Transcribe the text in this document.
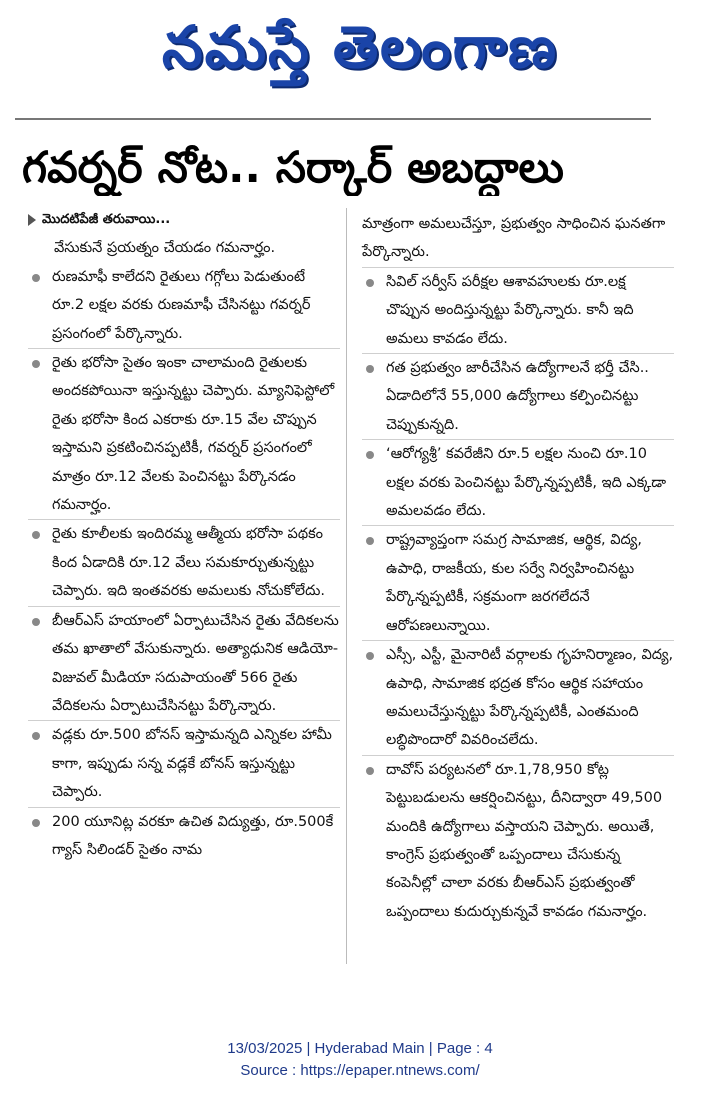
నమస్తే తెలంగాణ
గవర్నర్ నోట.. సర్కార్ అబద్ధాలు
మొదటిపేజీ తరువాయి...

వేసుకునే ప్రయత్నం చేయడం గమనార్హం.

రుణమాఫీ కాలేదని రైతులు గగ్గోలు పెడుతుంటే రూ.2 లక్షల వరకు రుణమాఫీ చేసినట్టు గవర్నర్ ప్రసంగంలో పేర్కొన్నారు.

రైతు భరోసా సైతం ఇంకా చాలామంది రైతులకు అందకపోయినా ఇస్తున్నట్టు చెప్పారు. మ్యానిఫెస్టోలో రైతు భరోసా కింద ఎకరాకు రూ.15 వేల చొప్పున ఇస్తామని ప్రకటించినప్పటికీ, గవర్నర్ ప్రసంగంలో మాత్రం రూ.12 వేలకు పెంచినట్టు పేర్కొనడం గమనార్హం.

రైతు కూలీలకు ఇందిరమ్మ ఆత్మీయ భరోసా పథకం కింద ఏడాదికి రూ.12 వేలు సమకూర్చుతున్నట్టు చెప్పారు. ఇది ఇంతవరకు అమలుకు నోచుకోలేదు.

బీఆర్ఎస్ హయాంలో ఏర్పాటుచేసిన రైతు వేదికలను తమ ఖాతాలో వేసుకున్నారు. అత్యాధునిక ఆడియో-విజువల్ మీడియా సదుపాయంతో 566 రైతు వేదికలను ఏర్పాటుచేసినట్టు పేర్కొన్నారు.

వడ్లకు రూ.500 బోనస్ ఇస్తామన్నది ఎన్నికల హామీ కాగా, ఇప్పుడు సన్న వడ్లకే బోనస్ ఇస్తున్నట్టు చెప్పారు.

200 యూనిట్ల వరకూ ఉచిత విద్యుత్తు, రూ.500కే గ్యాస్ సిలిండర్ సైతం నామ

మాత్రంగా అమలుచేస్తూ, ప్రభుత్వం సాధించిన ఘనతగా పేర్కొన్నారు.

సివిల్ సర్వీస్ పరీక్షల ఆశావహులకు రూ.లక్ష చొప్పున అందిస్తున్నట్టు పేర్కొన్నారు. కానీ ఇది అమలు కావడం లేదు.

గత ప్రభుత్వం జారీచేసిన ఉద్యోగాలనే భర్తీ చేసి.. ఏడాదిలోనే 55,000 ఉద్యోగాలు కల్పించినట్టు చెప్పుకున్నది.

‘ఆరోగ్యశ్రీ’ కవరేజీని రూ.5 లక్షల నుంచి రూ.10 లక్షల వరకు పెంచినట్టు పేర్కొన్నప్పటికీ, ఇది ఎక్కడా అమలవడం లేదు.

రాష్ట్రవ్యాప్తంగా సమగ్ర సామాజిక, ఆర్థిక, విద్య, ఉపాధి, రాజకీయ, కుల సర్వే నిర్వహించినట్టు పేర్కొన్నప్పటికీ, సక్రమంగా జరగలేదనే ఆరోపణలున్నాయి.

ఎస్సీ, ఎస్టీ, మైనారిటీ వర్గాలకు గృహనిర్మాణం, విద్య, ఉపాధి, సామాజిక భద్రత కోసం ఆర్థిక సహాయం అమలుచేస్తున్నట్టు పేర్కొన్నప్పటికీ, ఎంతమంది లబ్ధిపొందారో వివరించలేదు.

దావోస్ పర్యటనలో రూ.1,78,950 కోట్ల పెట్టుబడులను ఆకర్షించినట్టు, దీనిద్వారా 49,500 మందికి ఉద్యోగాలు వస్తాయని చెప్పారు. అయితే, కాంగ్రెస్ ప్రభుత్వంతో ఒప్పందాలు చేసుకున్న కంపెనీల్లో చాలా వరకు బీఆర్ఎస్ ప్రభుత్వంతో ఒప్పందాలు కుదుర్చుకున్నవే కావడం గమనార్హం.

13/03/2025 | Hyderabad Main | Page : 4
Source : https://epaper.ntnews.com/
